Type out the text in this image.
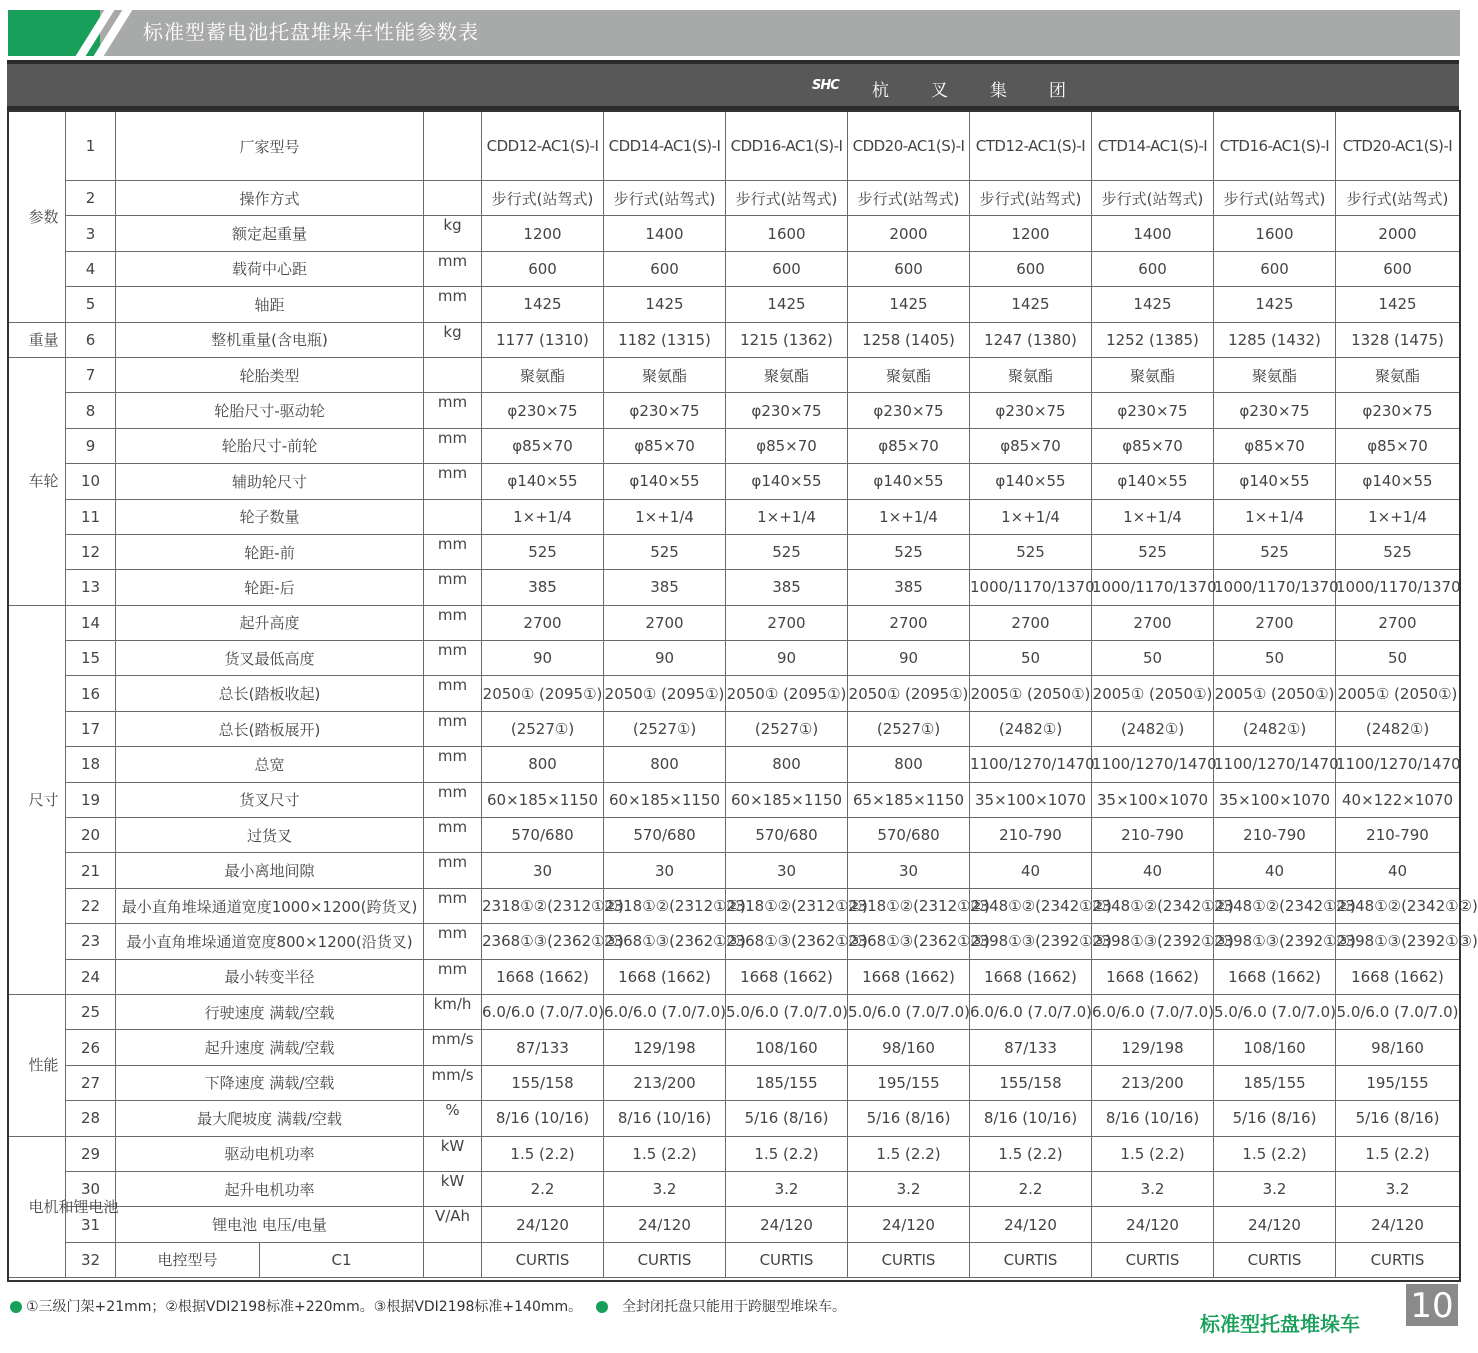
标准型蓄电池托盘堆垛车性能参数表
SHC	杭叉集团
参数	1	厂家型号			CDD12-AC1(S)-I	CDD14-AC1(S)-I	CDD16-AC1(S)-I	CDD20-AC1(S)-I	CTD12-AC1(S)-I	CTD14-AC1(S)-I	CTD16-AC1(S)-I	CTD20-AC1(S)-I
	2	操作方式			步行式(站驾式)	步行式(站驾式)	步行式(站驾式)	步行式(站驾式)	步行式(站驾式)	步行式(站驾式)	步行式(站驾式)	步行式(站驾式)
	3	额定起重量		kg	1200	1400	1600	2000	1200	1400	1600	2000
	4	载荷中心距		mm	600	600	600	600	600	600	600	600
	5	轴距		mm	1425	1425	1425	1425	1425	1425	1425	1425
重量	6	整机重量(含电瓶)		kg	1177 (1310)	1182 (1315)	1215 (1362)	1258 (1405)	1247 (1380)	1252 (1385)	1285 (1432)	1328 (1475)
车轮	7	轮胎类型			聚氨酯	聚氨酯	聚氨酯	聚氨酯	聚氨酯	聚氨酯	聚氨酯	聚氨酯
	8	轮胎尺寸-驱动轮		mm	φ230×75	φ230×75	φ230×75	φ230×75	φ230×75	φ230×75	φ230×75	φ230×75
	9	轮胎尺寸-前轮		mm	φ85×70	φ85×70	φ85×70	φ85×70	φ85×70	φ85×70	φ85×70	φ85×70
	10	辅助轮尺寸		mm	φ140×55	φ140×55	φ140×55	φ140×55	φ140×55	φ140×55	φ140×55	φ140×55
	11	轮子数量			1×+1/4	1×+1/4	1×+1/4	1×+1/4	1×+1/4	1×+1/4	1×+1/4	1×+1/4
	12	轮距-前		mm	525	525	525	525	525	525	525	525
	13	轮距-后		mm	385	385	385	385	1000/1170/1370	1000/1170/1370	1000/1170/1370	1000/1170/1370
尺寸	14	起升高度		mm	2700	2700	2700	2700	2700	2700	2700	2700
	15	货叉最低高度		mm	90	90	90	90	50	50	50	50
	16	总长(踏板收起)		mm	2050① (2095①)	2050① (2095①)	2050① (2095①)	2050① (2095①)	2005① (2050①)	2005① (2050①)	2005① (2050①)	2005① (2050①)
	17	总长(踏板展开)		mm	(2527①)	(2527①)	(2527①)	(2527①)	(2482①)	(2482①)	(2482①)	(2482①)
	18	总宽		mm	800	800	800	800	1100/1270/1470	1100/1270/1470	1100/1270/1470	1100/1270/1470
	19	货叉尺寸		mm	60×185×1150	60×185×1150	60×185×1150	65×185×1150	35×100×1070	35×100×1070	35×100×1070	40×122×1070
	20	过货叉		mm	570/680	570/680	570/680	570/680	210-790	210-790	210-790	210-790
	21	最小离地间隙		mm	30	30	30	30	40	40	40	40
	22	最小直角堆垛通道宽度1000×1200(跨货叉)		mm	2318①②(2312①②)	2318①②(2312①②)	2318①②(2312①②)	2318①②(2312①②)	2348①②(2342①②)	2348①②(2342①②)	2348①②(2342①②)	2348①②(2342①②)
	23	最小直角堆垛通道宽度800×1200(沿货叉)		mm	2368①③(2362①③)	2368①③(2362①③)	2368①③(2362①③)	2368①③(2362①③)	2398①③(2392①③)	2398①③(2392①③)	2398①③(2392①③)	2398①③(2392①③)
	24	最小转变半径		mm	1668 (1662)	1668 (1662)	1668 (1662)	1668 (1662)	1668 (1662)	1668 (1662)	1668 (1662)	1668 (1662)
性能	25	行驶速度 满载/空载		km/h	6.0/6.0 (7.0/7.0)	6.0/6.0 (7.0/7.0)	5.0/6.0 (7.0/7.0)	5.0/6.0 (7.0/7.0)	6.0/6.0 (7.0/7.0)	6.0/6.0 (7.0/7.0)	5.0/6.0 (7.0/7.0)	5.0/6.0 (7.0/7.0)
	26	起升速度 满载/空载		mm/s	87/133	129/198	108/160	98/160	87/133	129/198	108/160	98/160
	27	下降速度 满载/空载		mm/s	155/158	213/200	185/155	195/155	155/158	213/200	185/155	195/155
	28	最大爬坡度 满载/空载		%	8/16 (10/16)	8/16 (10/16)	5/16 (8/16)	5/16 (8/16)	8/16 (10/16)	8/16 (10/16)	5/16 (8/16)	5/16 (8/16)
电机和锂电池	29	驱动电机功率		kW	1.5 (2.2)	1.5 (2.2)	1.5 (2.2)	1.5 (2.2)	1.5 (2.2)	1.5 (2.2)	1.5 (2.2)	1.5 (2.2)
	30	起升电机功率		kW	2.2	3.2	3.2	3.2	2.2	3.2	3.2	3.2
	31	锂电池 电压/电量		V/Ah	24/120	24/120	24/120	24/120	24/120	24/120	24/120	24/120
	32	电控型号	C1		CURTIS	CURTIS	CURTIS	CURTIS	CURTIS	CURTIS	CURTIS	CURTIS
①三级门架+21mm；②根据VDI2198标准+220mm。③根据VDI2198标准+140mm。	全封闭托盘只能用于跨腿型堆垛车。
标准型托盘堆垛车 10
